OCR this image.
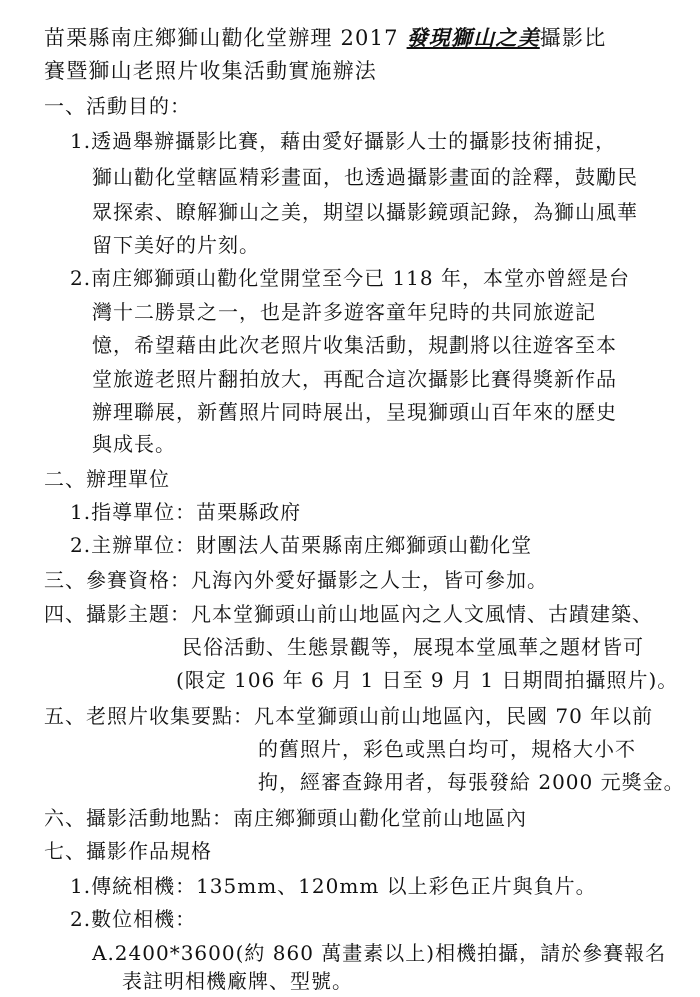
苗栗縣南庄鄉獅山勸化堂辦理 2017 發現獅山之美攝影比
賽暨獅山老照片收集活動實施辦法
一、活動目的：
1.透過舉辦攝影比賽，藉由愛好攝影人士的攝影技術捕捉，
獅山勸化堂轄區精彩畫面，也透過攝影畫面的詮釋，鼓勵民
眾探索、瞭解獅山之美，期望以攝影鏡頭記錄，為獅山風華
留下美好的片刻。
2.南庄鄉獅頭山勸化堂開堂至今已 118 年，本堂亦曾經是台
灣十二勝景之一，也是許多遊客童年兒時的共同旅遊記
憶，希望藉由此次老照片收集活動，規劃將以往遊客至本
堂旅遊老照片翻拍放大，再配合這次攝影比賽得獎新作品
辦理聯展，新舊照片同時展出，呈現獅頭山百年來的歷史
與成長。
二、辦理單位
1.指導單位：苗栗縣政府
2.主辦單位：財團法人苗栗縣南庄鄉獅頭山勸化堂
三、參賽資格：凡海內外愛好攝影之人士，皆可參加。
四、攝影主題：凡本堂獅頭山前山地區內之人文風情、古蹟建築、
民俗活動、生態景觀等，展現本堂風華之題材皆可
(限定 106 年 6 月 1 日至 9 月 1 日期間拍攝照片)。
五、老照片收集要點：凡本堂獅頭山前山地區內，民國 70 年以前
的舊照片，彩色或黑白均可，規格大小不
拘，經審查錄用者，每張發給 2000 元獎金。
六、攝影活動地點：南庄鄉獅頭山勸化堂前山地區內
七、攝影作品規格
1.傳統相機：135mm、120mm 以上彩色正片與負片。
2.數位相機：
A.2400*3600(約 860 萬畫素以上)相機拍攝，請於參賽報名
表註明相機廠牌、型號。
